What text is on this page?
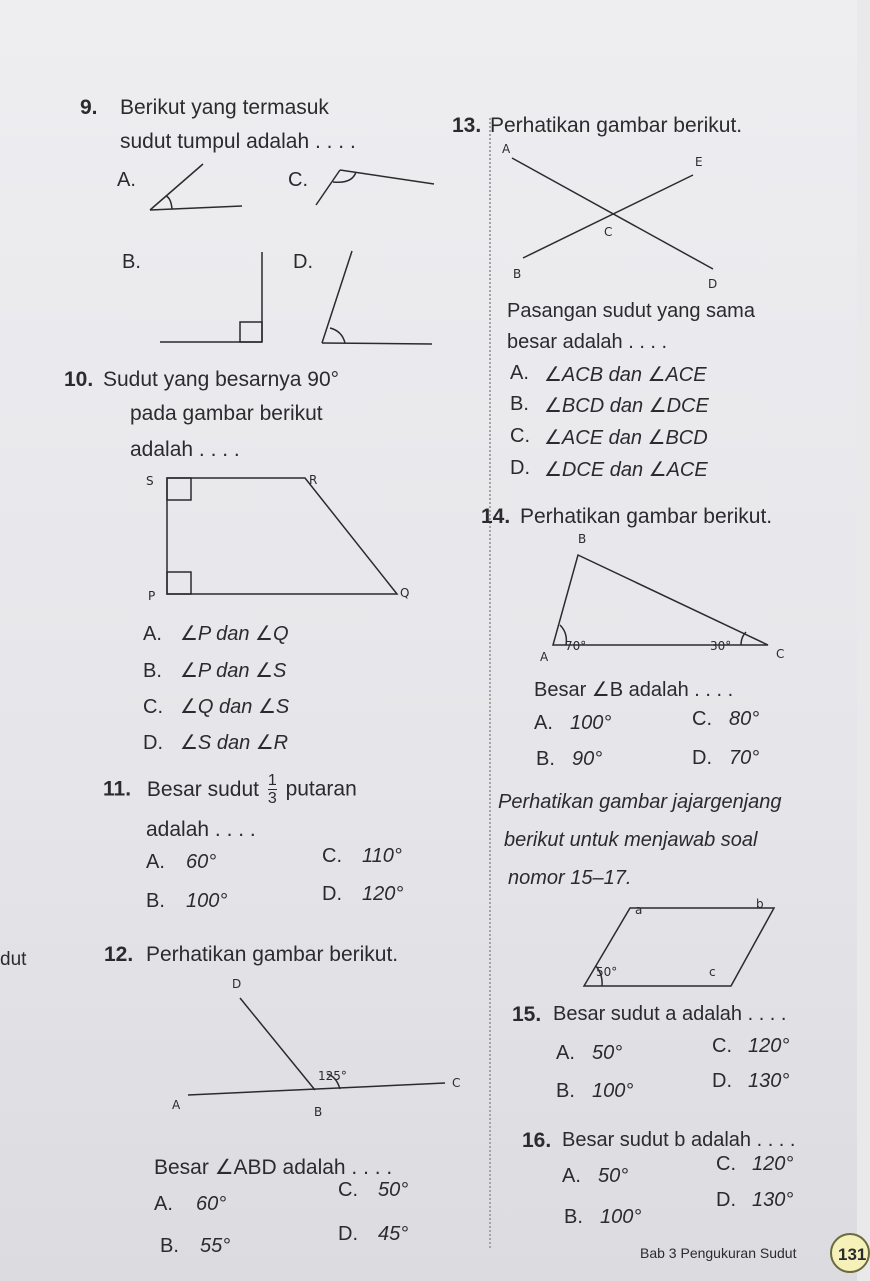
dut
9. Berikut yang termasuk
sudut tumpul adalah . . . .
A.	C.
B.	D.
10. Sudut yang besarnya 90°
pada gambar berikut
adalah . . . .
S	R
P	Q
A. ∠P dan ∠Q
B. ∠P dan ∠S
C. ∠Q dan ∠S
D. ∠S dan ∠R
11. Besar sudut $\frac{1}{3}$ putaran
adalah . . . .
A. 60°	C. 110°
B. 100°	D. 120°
12. Perhatikan gambar berikut.
D
125°	C
A	B
Besar ∠ABD adalah . . . .
A. 60°
C. 50°
B. 55°
D. 45°
13. Perhatikan gambar berikut.
A
E
C
B
D
Pasangan sudut yang sama
besar adalah . . . .
A. ∠ACB dan ∠ACE
B. ∠BCD dan ∠DCE
C. ∠ACE dan ∠BCD
D. ∠DCE dan ∠ACE
14. Perhatikan gambar berikut.
B
A
70°	30°
C
Besar ∠B adalah . . . .
A. 100°	C. 80°
B. 90°	D. 70°
Perhatikan gambar jajargenjang
berikut untuk menjawab soal
nomor 15–17.
a	b
c
50°
15. Besar sudut a adalah . . . .
A. 50°	C. 120°
B. 100°	D. 130°
16. Besar sudut b adalah . . . .
A. 50°
C. 120°
B. 100°
D. 130°
Bab 3 Pengukuran Sudut	131
